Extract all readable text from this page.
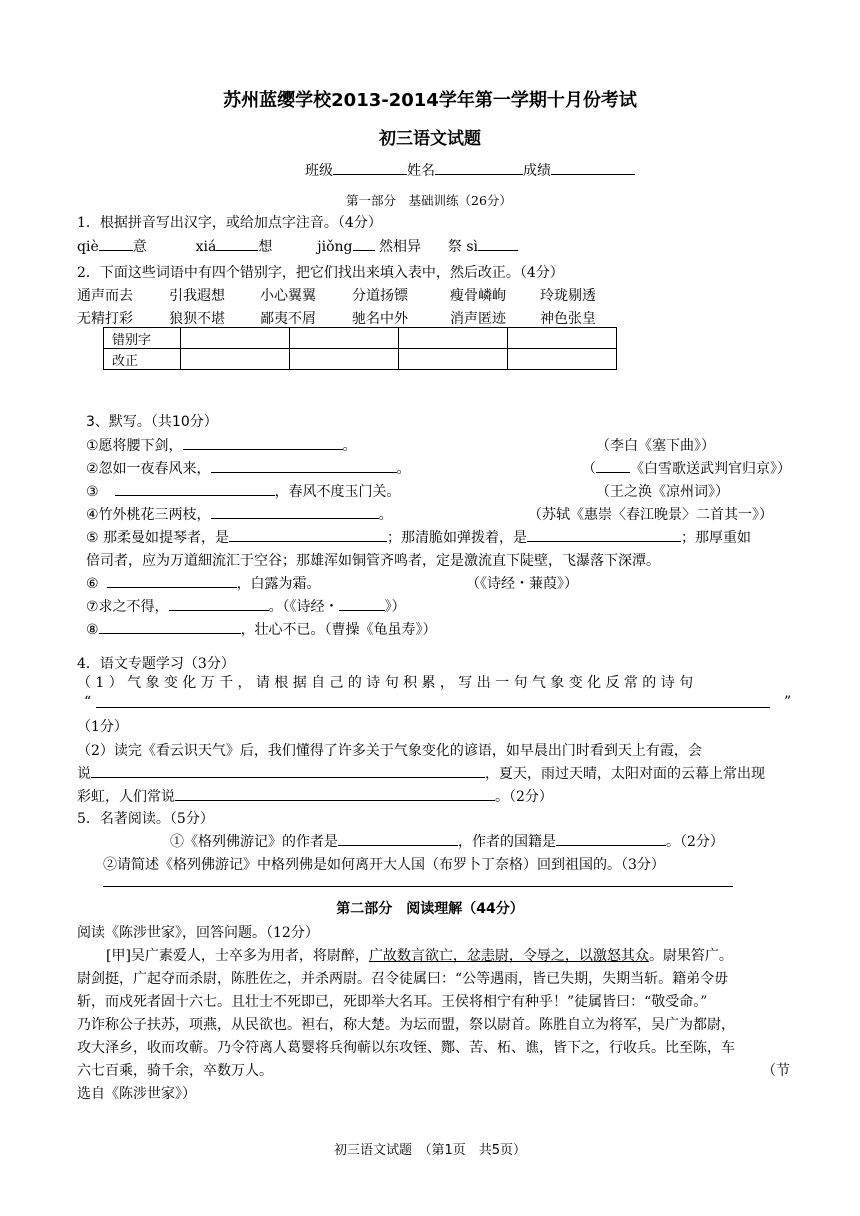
苏州蓝缨学校2013-2014学年第一学期十月份考试
初三语文试题
班级	姓名	成绩
第一部分　基础训练（26分）
1．根据拼音写出汉字，或给加点字注音。（4分）
qiè 意	xiá	想	jiǒng 然相异 祭 sì
2．下面这些词语中有四个错别字，把它们找出来填入表中，然后改正。（4分）
通声而去	引我遐想	小心翼翼	分道扬镖	瘦骨嶙峋 玲珑剔透
无精打彩	狼狈不堪	鄙夷不屑	驰名中外	消声匿迹 神色张皇
错别字				
改正				
3、默写。（共10分）
①愿将腰下剑，	。	（李白《塞下曲》）
②忽如一夜春风来，	。	（ 《白雪歌送武判官归京》）
③	，春风不度玉门关。	（王之涣《凉州词》）
④竹外桃花三两枝，	。	（苏轼《惠崇〈春江晚景〉二首其一》）
⑤ 那柔曼如提琴者，是	；那清脆如弹拨着，是	；那厚重如
倍司者，应为万道細流汇于空谷；那雄浑如铜管齐鸣者，定是激流直下陡壁，飞瀑落下深潭。
⑥	，白露为霜。	（《诗经・蒹葭》）
⑦求之不得，	。（《诗经・	》）
⑧	，壮心不已。（曹操《龟虽寿》）
4．语文专题学习（3分）
（1）气象变化万千，请根据自己的诗句积累，写出一句气象变化反常的诗句
“	”
（1分）
（2）读完《看云识天气》后，我们懂得了许多关于气象变化的谚语，如早晨出门时看到天上有霞，会
说	，夏天，雨过天晴，太阳对面的云幕上常出现
彩虹，人们常说	。（2分）
5．名著阅读。（5分）
①《格列佛游记》的作者是	，作者的国籍是	。（2分）
②请简述《格列佛游记》中格列佛是如何离开大人国（布罗卜丁奈格）回到祖国的。（3分）
第二部分　阅读理解（44分）
阅读《陈涉世家》，回答问题。（12分）
[甲]吴广素爱人，士卒多为用者，将尉醉，广故数言欲亡，忿恚尉，令辱之，以激怒其众。尉果笞广。
尉剑挺，广起夺而杀尉，陈胜佐之，并杀两尉。召令徒属曰：“公等遇雨，皆已失期，失期当斩。籍弟令毋
斩，而戍死者固十六七。且壮士不死即已，死即举大名耳。王侯将相宁有种乎！”徒属皆曰：“敬受命。”
乃诈称公子扶苏，项燕，从民欲也。袒右，称大楚。为坛而盟，祭以尉首。陈胜自立为将军，吴广为都尉，
攻大泽乡，收而攻蕲。乃令符离人葛婴将兵徇蕲以东攻铚、酂、苦、柘、谯，皆下之，行收兵。比至陈，车
六七百乘，骑千余，卒数万人。	（节
选自《陈涉世家》）
初三语文试题　（第1页　共5页）
